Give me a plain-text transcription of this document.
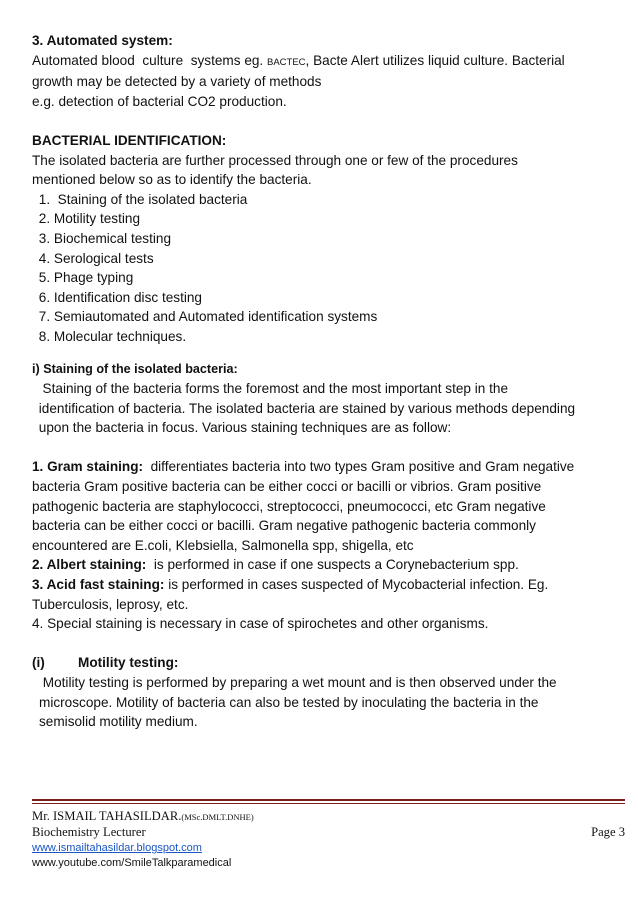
3. Automated system:

Automated blood  culture  systems eg. BACTEC, Bacte Alert utilizes liquid culture. Bacterial

growth may be detected by a variety of methods

e.g. detection of bacterial CO2 production.

BACTERIAL IDENTIFICATION:

The isolated bacteria are further processed through one or few of the procedures

mentioned below so as to identify the bacteria.

1.  Staining of the isolated bacteria

2. Motility testing

3. Biochemical testing

4. Serological tests

5. Phage typing

6. Identification disc testing

7. Semiautomated and Automated identification systems

8. Molecular techniques.

i) Staining of the isolated bacteria:

Staining of the bacteria forms the foremost and the most important step in the

identification of bacteria. The isolated bacteria are stained by various methods depending

upon the bacteria in focus. Various staining techniques are as follow:

1. Gram staining:  differentiates bacteria into two types Gram positive and Gram negative

bacteria Gram positive bacteria can be either cocci or bacilli or vibrios. Gram positive

pathogenic bacteria are staphylococci, streptococci, pneumococci, etc Gram negative

bacteria can be either cocci or bacilli. Gram negative pathogenic bacteria commonly

encountered are E.coli, Klebsiella, Salmonella spp, shigella, etc

2. Albert staining:  is performed in case if one suspects a Corynebacterium spp.

3. Acid fast staining: is performed in cases suspected of Mycobacterial infection. Eg.

Tuberculosis, leprosy, etc.

4. Special staining is necessary in case of spirochetes and other organisms.

(i) Motility testing:

Motility testing is performed by preparing a wet mount and is then observed under the

microscope. Motility of bacteria can also be tested by inoculating the bacteria in the

semisolid motility medium.

Mr. ISMAIL TAHASILDAR.(MSc.DMLT.DNHE)
Biochemistry Lecturer	Page 3
www.ismailtahasildar.blogspot.com
www.youtube.com/SmileTalkparamedical
